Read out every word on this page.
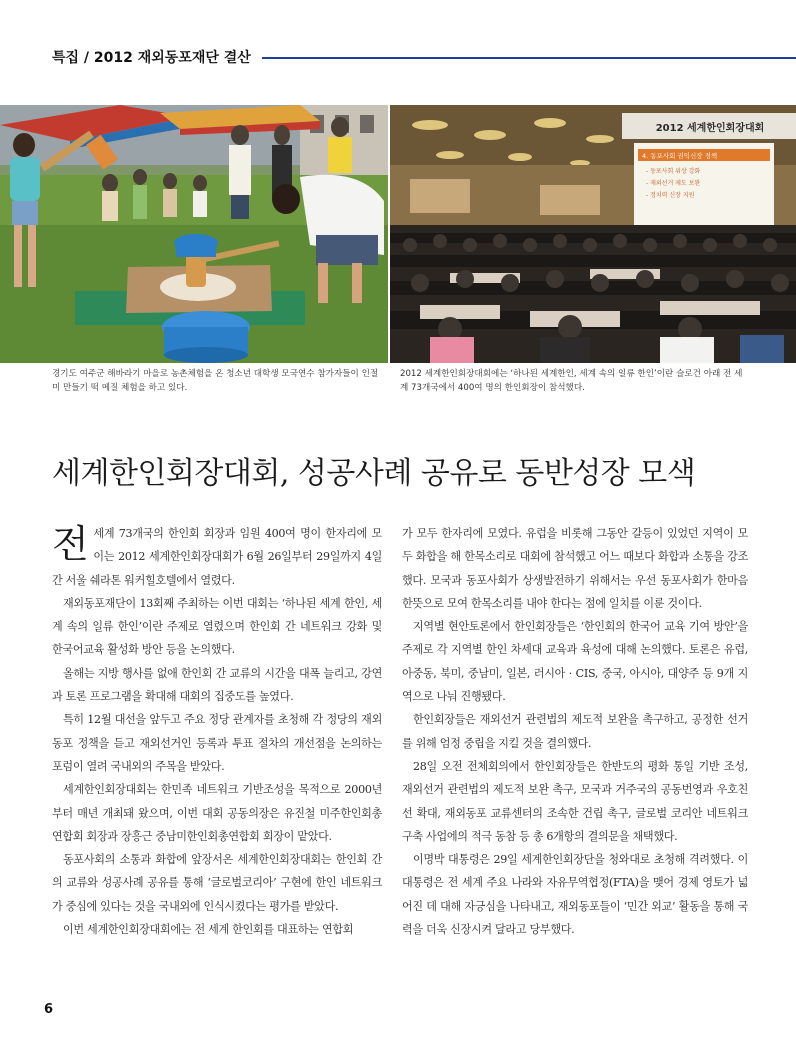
특집 / 2012 재외동포재단 결산
2012 세계한인회장대회
4. 동포사회 권익신장 정책
- 동포사회 위상 강화
- 재외선거 제도 보완
- 정치력 신장 지원
경기도 여주군 해바라기 마을로 농촌체험을 온 청소년 대학생 모국연수 참가자들이 인절미 만들기 떡 메질 체험을 하고 있다.
2012 세계한인회장대회에는 ‘하나된 세계한인, 세계 속의 일류 한인’이란 슬로건 아래 전 세계 73개국에서 400여 명의 한인회장이 참석했다.
세계한인회장대회, 성공사례 공유로 동반성장 모색

전세계 73개국의 한인회 회장과 임원 400여 명이 한자리에 모이는 2012 세계한인회장대회가 6월 26일부터 29일까지 4일간 서울 쉐라톤 워커힐호텔에서 열렸다.

재외동포재단이 13회째 주최하는 이번 대회는 ‘하나된 세계 한인, 세계 속의 일류 한인’이란 주제로 열렸으며 한인회 간 네트워크 강화 및 한국어교육 활성화 방안 등을 논의했다.

올해는 지방 행사를 없애 한인회 간 교류의 시간을 대폭 늘리고, 강연과 토론 프로그램을 확대해 대회의 집중도를 높였다.

특히 12월 대선을 앞두고 주요 정당 관계자를 초청해 각 정당의 재외동포 정책을 듣고 재외선거인 등록과 투표 절차의 개선점을 논의하는 포럼이 열려 국내외의 주목을 받았다.

세계한인회장대회는 한민족 네트워크 기반조성을 목적으로 2000년부터 매년 개최돼 왔으며, 이번 대회 공동의장은 유진철 미주한인회총연합회 회장과 장흥근 중남미한인회총연합회 회장이 맡았다.

동포사회의 소통과 화합에 앞장서온 세계한인회장대회는 한인회 간의 교류와 성공사례 공유를 통해 ‘글로벌코리아’ 구현에 한인 네트워크가 중심에 있다는 것을 국내외에 인식시켰다는 평가를 받았다.

이번 세계한인회장대회에는 전 세계 한인회를 대표하는 연합회

가 모두 한자리에 모였다. 유럽을 비롯해 그동안 갈등이 있었던 지역이 모두 화합을 해 한목소리로 대회에 참석했고 어느 때보다 화합과 소통을 강조했다. 모국과 동포사회가 상생발전하기 위해서는 우선 동포사회가 한마음 한뜻으로 모여 한목소리를 내야 한다는 점에 일치를 이룬 것이다.

지역별 현안토론에서 한인회장들은 ‘한인회의 한국어 교육 기여 방안’을 주제로 각 지역별 한인 차세대 교육과 육성에 대해 논의했다. 토론은 유럽, 아중동, 북미, 중남미, 일본, 러시아 · CIS, 중국, 아시아, 대양주 등 9개 지역으로 나눠 진행됐다.

한인회장들은 재외선거 관련법의 제도적 보완을 촉구하고, 공정한 선거를 위해 엄정 중립을 지킬 것을 결의했다.

28일 오전 전체회의에서 한인회장들은 한반도의 평화 통일 기반 조성, 재외선거 관련법의 제도적 보완 촉구, 모국과 거주국의 공동번영과 우호친선 확대, 재외동포 교류센터의 조속한 건립 촉구, 글로벌 코리안 네트워크 구축 사업에의 적극 동참 등 총 6개항의 결의문을 채택했다.

이명박 대통령은 29일 세계한인회장단을 청와대로 초청해 격려했다. 이 대통령은 전 세계 주요 나라와 자유무역협정(FTA)을 맺어 경제 영토가 넓어진 데 대해 자긍심을 나타내고, 재외동포들이 ‘민간 외교’ 활동을 통해 국력을 더욱 신장시켜 달라고 당부했다.

6
